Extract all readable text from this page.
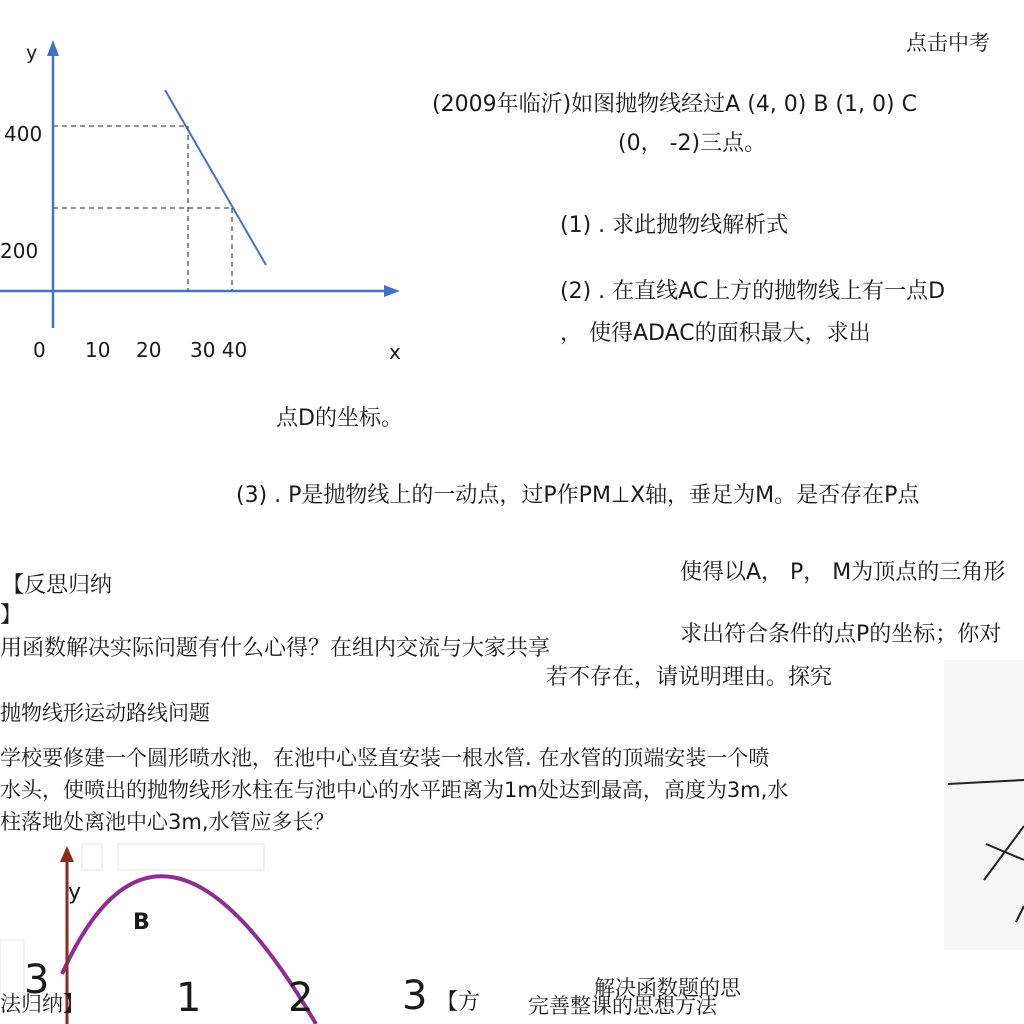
y
400
200
0 10 20 30 40	x
点击中考
(2009年临沂)如图抛物线经过A (4, 0) B (1, 0) C
(0， -2)三点。
(1) . 求此抛物线解析式
(2) . 在直线AC上方的抛物线上有一点D
， 使得ADAC的面积最大，求出
点D的坐标。
(3) . P是抛物线上的一动点，过P作PM⊥X轴，垂足为M。是否存在P点
使得以A， P， M为顶点的三角形
求出符合条件的点P的坐标；你对
若不存在，请说明理由。探究
【反思归纳
】
用函数解决实际问题有什么心得？在组内交流与大家共享
抛物线形运动路线问题
学校要修建一个圆形喷水池，在池中心竖直安装一根水管. 在水管的顶端安装一个喷
水头，使喷出的抛物线形水柱在与池中心的水平距离为1m处达到最高，高度为3m,水
柱落地处离池中心3m,水管应多长？
y
B
3	1 2 3
法归纳】	【方 完善整课的思想方法
解决函数题的思
